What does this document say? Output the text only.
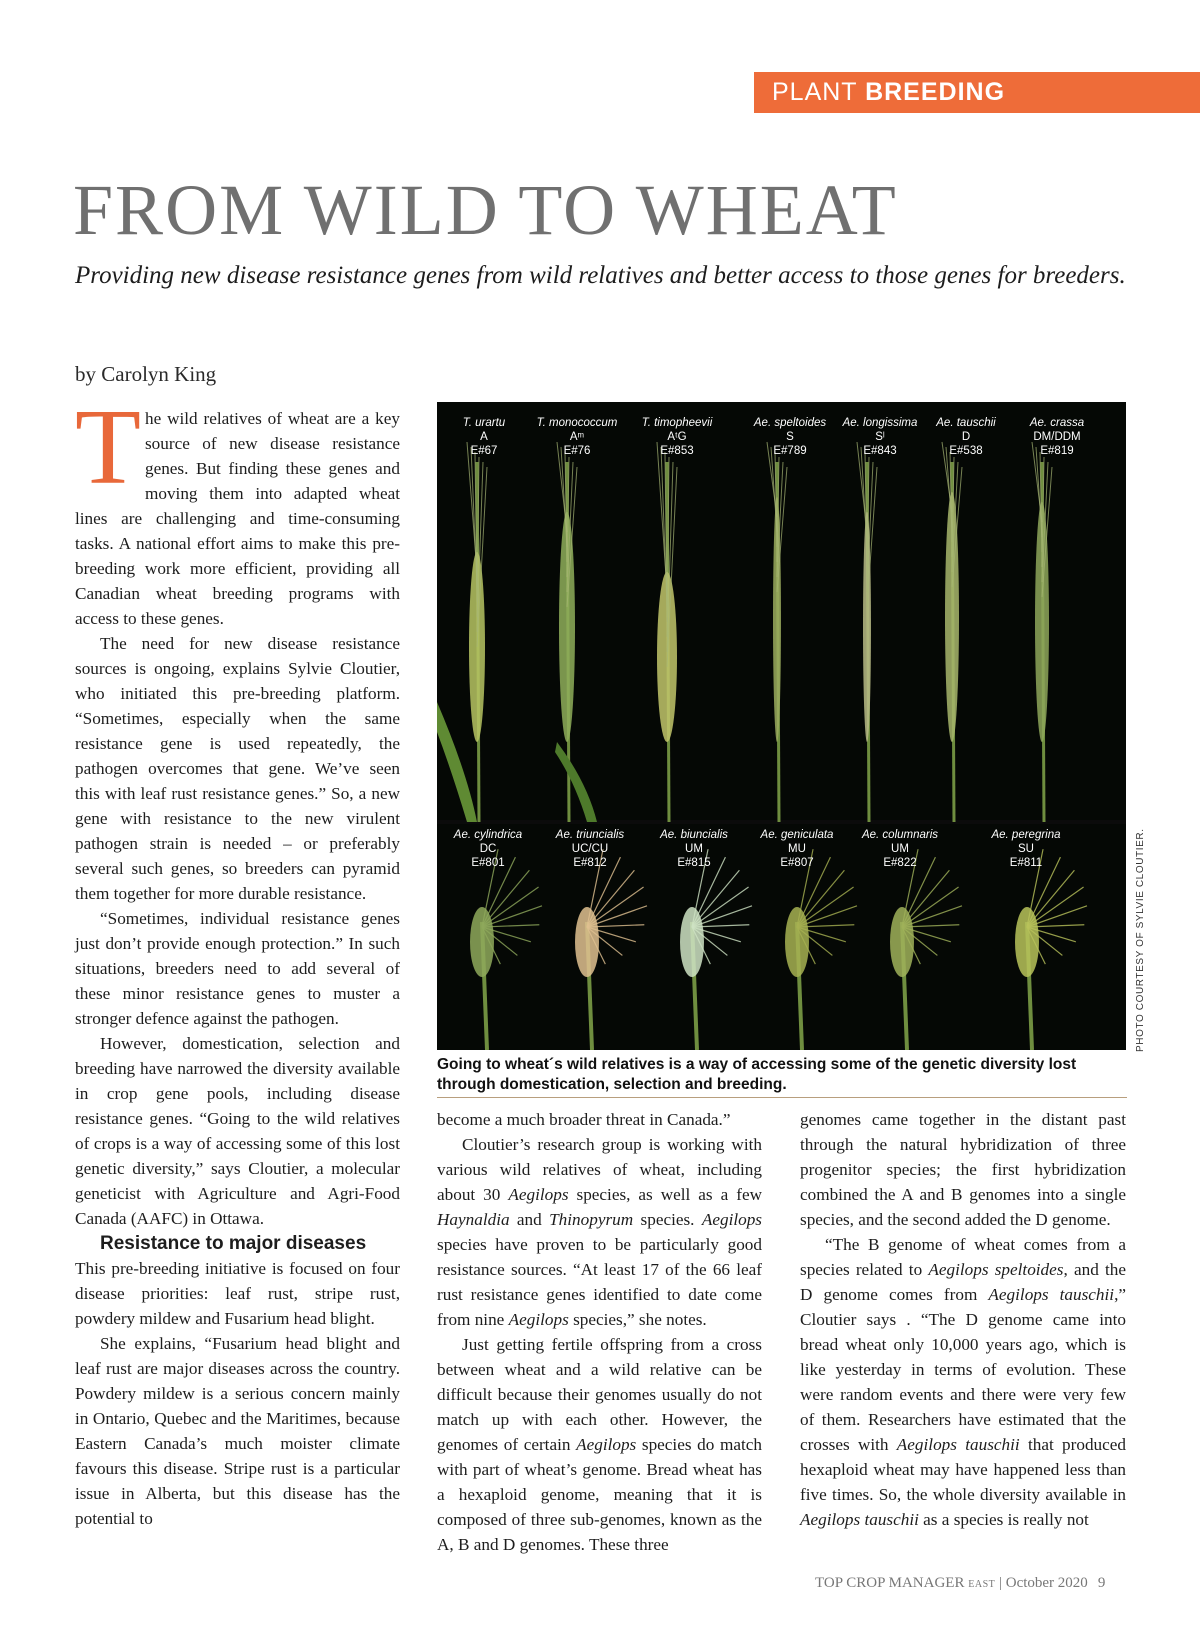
PLANT BREEDING
FROM WILD TO WHEAT
Providing new disease resistance genes from wild relatives and better access to those genes for breeders.
by Carolyn King

The wild relatives of wheat are a key source of new disease resistance genes. But finding these genes and moving them into adapted wheat lines are challenging and time-consuming tasks. A national effort aims to make this pre-breeding work more efficient, providing all Canadian wheat breeding programs with access to these genes.

The need for new disease resistance sources is ongoing, explains Sylvie Cloutier, who initiated this pre-breeding platform. “Sometimes, especially when the same resistance gene is used repeatedly, the pathogen overcomes that gene. We’ve seen this with leaf rust resistance genes.” So, a new gene with resistance to the new virulent pathogen strain is needed – or preferably several such genes, so breeders can pyramid them together for more durable resistance.

“Sometimes, individual resistance genes just don’t provide enough protection.” In such situations, breeders need to add several of these minor resistance genes to muster a stronger defence against the pathogen.

However, domestication, selection and breeding have narrowed the diversity available in crop gene pools, including disease resistance genes. “Going to the wild relatives of crops is a way of accessing some of this lost genetic diversity,” says Cloutier, a molecular geneticist with Agriculture and Agri-Food Canada (AAFC) in Ottawa.

Resistance to major diseases

This pre-breeding initiative is focused on four disease priorities: leaf rust, stripe rust, powdery mildew and Fusarium head blight.

She explains, “Fusarium head blight and leaf rust are major diseases across the country. Powdery mildew is a serious concern mainly in Ontario, Quebec and the Maritimes, because Eastern Canada’s much moister climate favours this disease. Stripe rust is a particular issue in Alberta, but this disease has the potential to

T. urartu
A
E#67
T. monococcum
Aᵐ
E#76
T. timopheevii
AᵗG
E#853
Ae. speltoides
S
E#789
Ae. longissima
Sˡ
E#843
Ae. tauschii
D
E#538
Ae. crassa
DM/DDM
E#819
Ae. cylindrica
DC
E#801
Ae. triuncialis
UC/CU
E#812
Ae. biuncialis
UM
E#815
Ae. geniculata
MU
E#807
Ae. columnaris
UM
E#822
Ae. peregrina
SU
E#811	PHOTO COURTESY OF SYLVIE CLOUTIER.
Going to wheat´s wild relatives is a way of accessing some of the genetic diversity lost through domestication, selection and breeding.

become a much broader threat in Canada.”

Cloutier’s research group is working with various wild relatives of wheat, including about 30 Aegilops species, as well as a few Haynaldia and Thinopyrum species. Aegilops species have proven to be particularly good resistance sources. “At least 17 of the 66 leaf rust resistance genes identified to date come from nine Aegilops species,” she notes.

Just getting fertile offspring from a cross between wheat and a wild relative can be difficult because their genomes usually do not match up with each other. However, the genomes of certain Aegilops species do match with part of wheat’s genome. Bread wheat has a hexaploid genome, meaning that it is composed of three sub-genomes, known as the A, B and D genomes. These three

genomes came together in the distant past through the natural hybridization of three progenitor species; the first hybridization combined the A and B genomes into a single species, and the second added the D genome.

“The B genome of wheat comes from a species related to Aegilops speltoides, and the D genome comes from Aegilops tauschii,” Cloutier says . “The D genome came into bread wheat only 10,000 years ago, which is like yesterday in terms of evolution. These were random events and there were very few of them. Researchers have estimated that the crosses with Aegilops tauschii that produced hexaploid wheat may have happened less than five times. So, the whole diversity available in Aegilops tauschii as a species is really not

TOP CROP MANAGER EAST | October 2020 9
